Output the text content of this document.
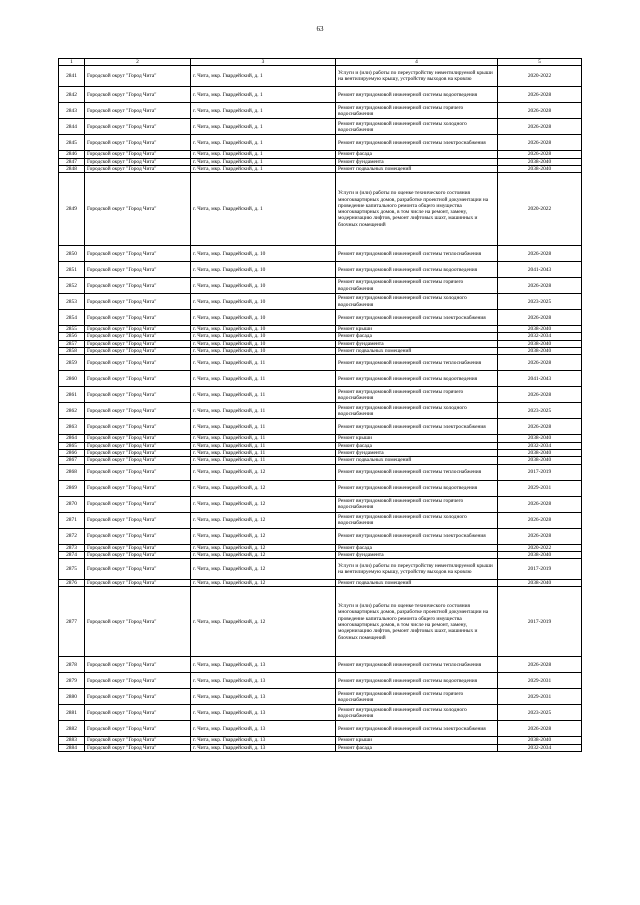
63
1	2	3	4	5
2841	Городской округ "Город Чита"	г. Чита, мкр. Гвардейский, д. 1	Услуги и (или) работы по переустройству невентилируемой крыши на вентилируемую крышу, устройству выходов на кровлю	2020-2022
2842	Городской округ "Город Чита"	г. Чита, мкр. Гвардейский, д. 1	Ремонт внутридомовой инженерной системы водоотведения	2026-2028
2843	Городской округ "Город Чита"	г. Чита, мкр. Гвардейский, д. 1	Ремонт внутридомовой инженерной системы горячего водоснабжения	2026-2028
2844	Городской округ "Город Чита"	г. Чита, мкр. Гвардейский, д. 1	Ремонт внутридомовой инженерной системы холодного водоснабжения	2026-2028
2845	Городской округ "Город Чита"	г. Чита, мкр. Гвардейский, д. 1	Ремонт внутридомовой инженерной системы электроснабжения	2026-2028
2846	Городской округ "Город Чита"	г. Чита, мкр. Гвардейский, д. 1	Ремонт фасада	2026-2028
2847	Городской округ "Город Чита"	г. Чита, мкр. Гвардейский, д. 1	Ремонт фундамента	2038-2040
2848	Городской округ "Город Чита"	г. Чита, мкр. Гвардейский, д. 1	Ремонт подвальных помещений	2038-2040
2849	Городской округ "Город Чита"	г. Чита, мкр. Гвардейский, д. 1	Услуги и (или) работы по оценке технического состояния многоквартирных домов, разработке проектной документации на проведение капитального ремонта общего имущества многоквартирных домов, в том числе на ремонт, замену, модернизацию лифтов, ремонт лифтовых шахт, машинных и блочных помещений	2020-2022
2850	Городской округ "Город Чита"	г. Чита, мкр. Гвардейский, д. 10	Ремонт внутридомовой инженерной системы теплоснабжения	2026-2028
2851	Городской округ "Город Чита"	г. Чита, мкр. Гвардейский, д. 10	Ремонт внутридомовой инженерной системы водоотведения	2041-2043
2852	Городской округ "Город Чита"	г. Чита, мкр. Гвардейский, д. 10	Ремонт внутридомовой инженерной системы горячего водоснабжения	2026-2028
2853	Городской округ "Город Чита"	г. Чита, мкр. Гвардейский, д. 10	Ремонт внутридомовой инженерной системы холодного водоснабжения	2023-2025
2854	Городской округ "Город Чита"	г. Чита, мкр. Гвардейский, д. 10	Ремонт внутридомовой инженерной системы электроснабжения	2026-2028
2855	Городской округ "Город Чита"	г. Чита, мкр. Гвардейский, д. 10	Ремонт крыши	2038-2040
2856	Городской округ "Город Чита"	г. Чита, мкр. Гвардейский, д. 10	Ремонт фасада	2032-2034
2857	Городской округ "Город Чита"	г. Чита, мкр. Гвардейский, д. 10	Ремонт фундамента	2038-2040
2858	Городской округ "Город Чита"	г. Чита, мкр. Гвардейский, д. 10	Ремонт подвальных помещений	2038-2040
2859	Городской округ "Город Чита"	г. Чита, мкр. Гвардейский, д. 11	Ремонт внутридомовой инженерной системы теплоснабжения	2026-2028
2860	Городской округ "Город Чита"	г. Чита, мкр. Гвардейский, д. 11	Ремонт внутридомовой инженерной системы водоотведения	2041-2043
2861	Городской округ "Город Чита"	г. Чита, мкр. Гвардейский, д. 11	Ремонт внутридомовой инженерной системы горячего водоснабжения	2026-2028
2862	Городской округ "Город Чита"	г. Чита, мкр. Гвардейский, д. 11	Ремонт внутридомовой инженерной системы холодного водоснабжения	2023-2025
2863	Городской округ "Город Чита"	г. Чита, мкр. Гвардейский, д. 11	Ремонт внутридомовой инженерной системы электроснабжения	2026-2028
2864	Городской округ "Город Чита"	г. Чита, мкр. Гвардейский, д. 11	Ремонт крыши	2038-2040
2865	Городской округ "Город Чита"	г. Чита, мкр. Гвардейский, д. 11	Ремонт фасада	2032-2034
2866	Городской округ "Город Чита"	г. Чита, мкр. Гвардейский, д. 11	Ремонт фундамента	2038-2040
2867	Городской округ "Город Чита"	г. Чита, мкр. Гвардейский, д. 11	Ремонт подвальных помещений	2038-2040
2868	Городской округ "Город Чита"	г. Чита, мкр. Гвардейский, д. 12	Ремонт внутридомовой инженерной системы теплоснабжения	2017-2019
2869	Городской округ "Город Чита"	г. Чита, мкр. Гвардейский, д. 12	Ремонт внутридомовой инженерной системы водоотведения	2029-2031
2870	Городской округ "Город Чита"	г. Чита, мкр. Гвардейский, д. 12	Ремонт внутридомовой инженерной системы горячего водоснабжения	2026-2028
2871	Городской округ "Город Чита"	г. Чита, мкр. Гвардейский, д. 12	Ремонт внутридомовой инженерной системы холодного водоснабжения	2026-2028
2872	Городской округ "Город Чита"	г. Чита, мкр. Гвардейский, д. 12	Ремонт внутридомовой инженерной системы электроснабжения	2026-2028
2873	Городской округ "Город Чита"	г. Чита, мкр. Гвардейский, д. 12	Ремонт фасада	2020-2022
2874	Городской округ "Город Чита"	г. Чита, мкр. Гвардейский, д. 12	Ремонт фундамента	2038-2040
2875	Городской округ "Город Чита"	г. Чита, мкр. Гвардейский, д. 12	Услуги и (или) работы по переустройству невентилируемой крыши на вентилируемую крышу, устройству выходов на кровлю	2017-2019
2876	Городской округ "Город Чита"	г. Чита, мкр. Гвардейский, д. 12	Ремонт подвальных помещений	2038-2040
2877	Городской округ "Город Чита"	г. Чита, мкр. Гвардейский, д. 12	Услуги и (или) работы по оценке технического состояния многоквартирных домов, разработке проектной документации на проведение капитального ремонта общего имущества многоквартирных домов, в том числе на ремонт, замену, модернизацию лифтов, ремонт лифтовых шахт, машинных и блочных помещений	2017-2019
2878	Городской округ "Город Чита"	г. Чита, мкр. Гвардейский, д. 13	Ремонт внутридомовой инженерной системы теплоснабжения	2026-2028
2879	Городской округ "Город Чита"	г. Чита, мкр. Гвардейский, д. 13	Ремонт внутридомовой инженерной системы водоотведения	2029-2031
2880	Городской округ "Город Чита"	г. Чита, мкр. Гвардейский, д. 13	Ремонт внутридомовой инженерной системы горячего водоснабжения	2029-2031
2881	Городской округ "Город Чита"	г. Чита, мкр. Гвардейский, д. 13	Ремонт внутридомовой инженерной системы холодного водоснабжения	2023-2025
2882	Городской округ "Город Чита"	г. Чита, мкр. Гвардейский, д. 13	Ремонт внутридомовой инженерной системы электроснабжения	2026-2028
2883	Городской округ "Город Чита"	г. Чита, мкр. Гвардейский, д. 13	Ремонт крыши	2038-2040
2884	Городской округ "Город Чита"	г. Чита, мкр. Гвардейский, д. 13	Ремонт фасада	2032-2034
